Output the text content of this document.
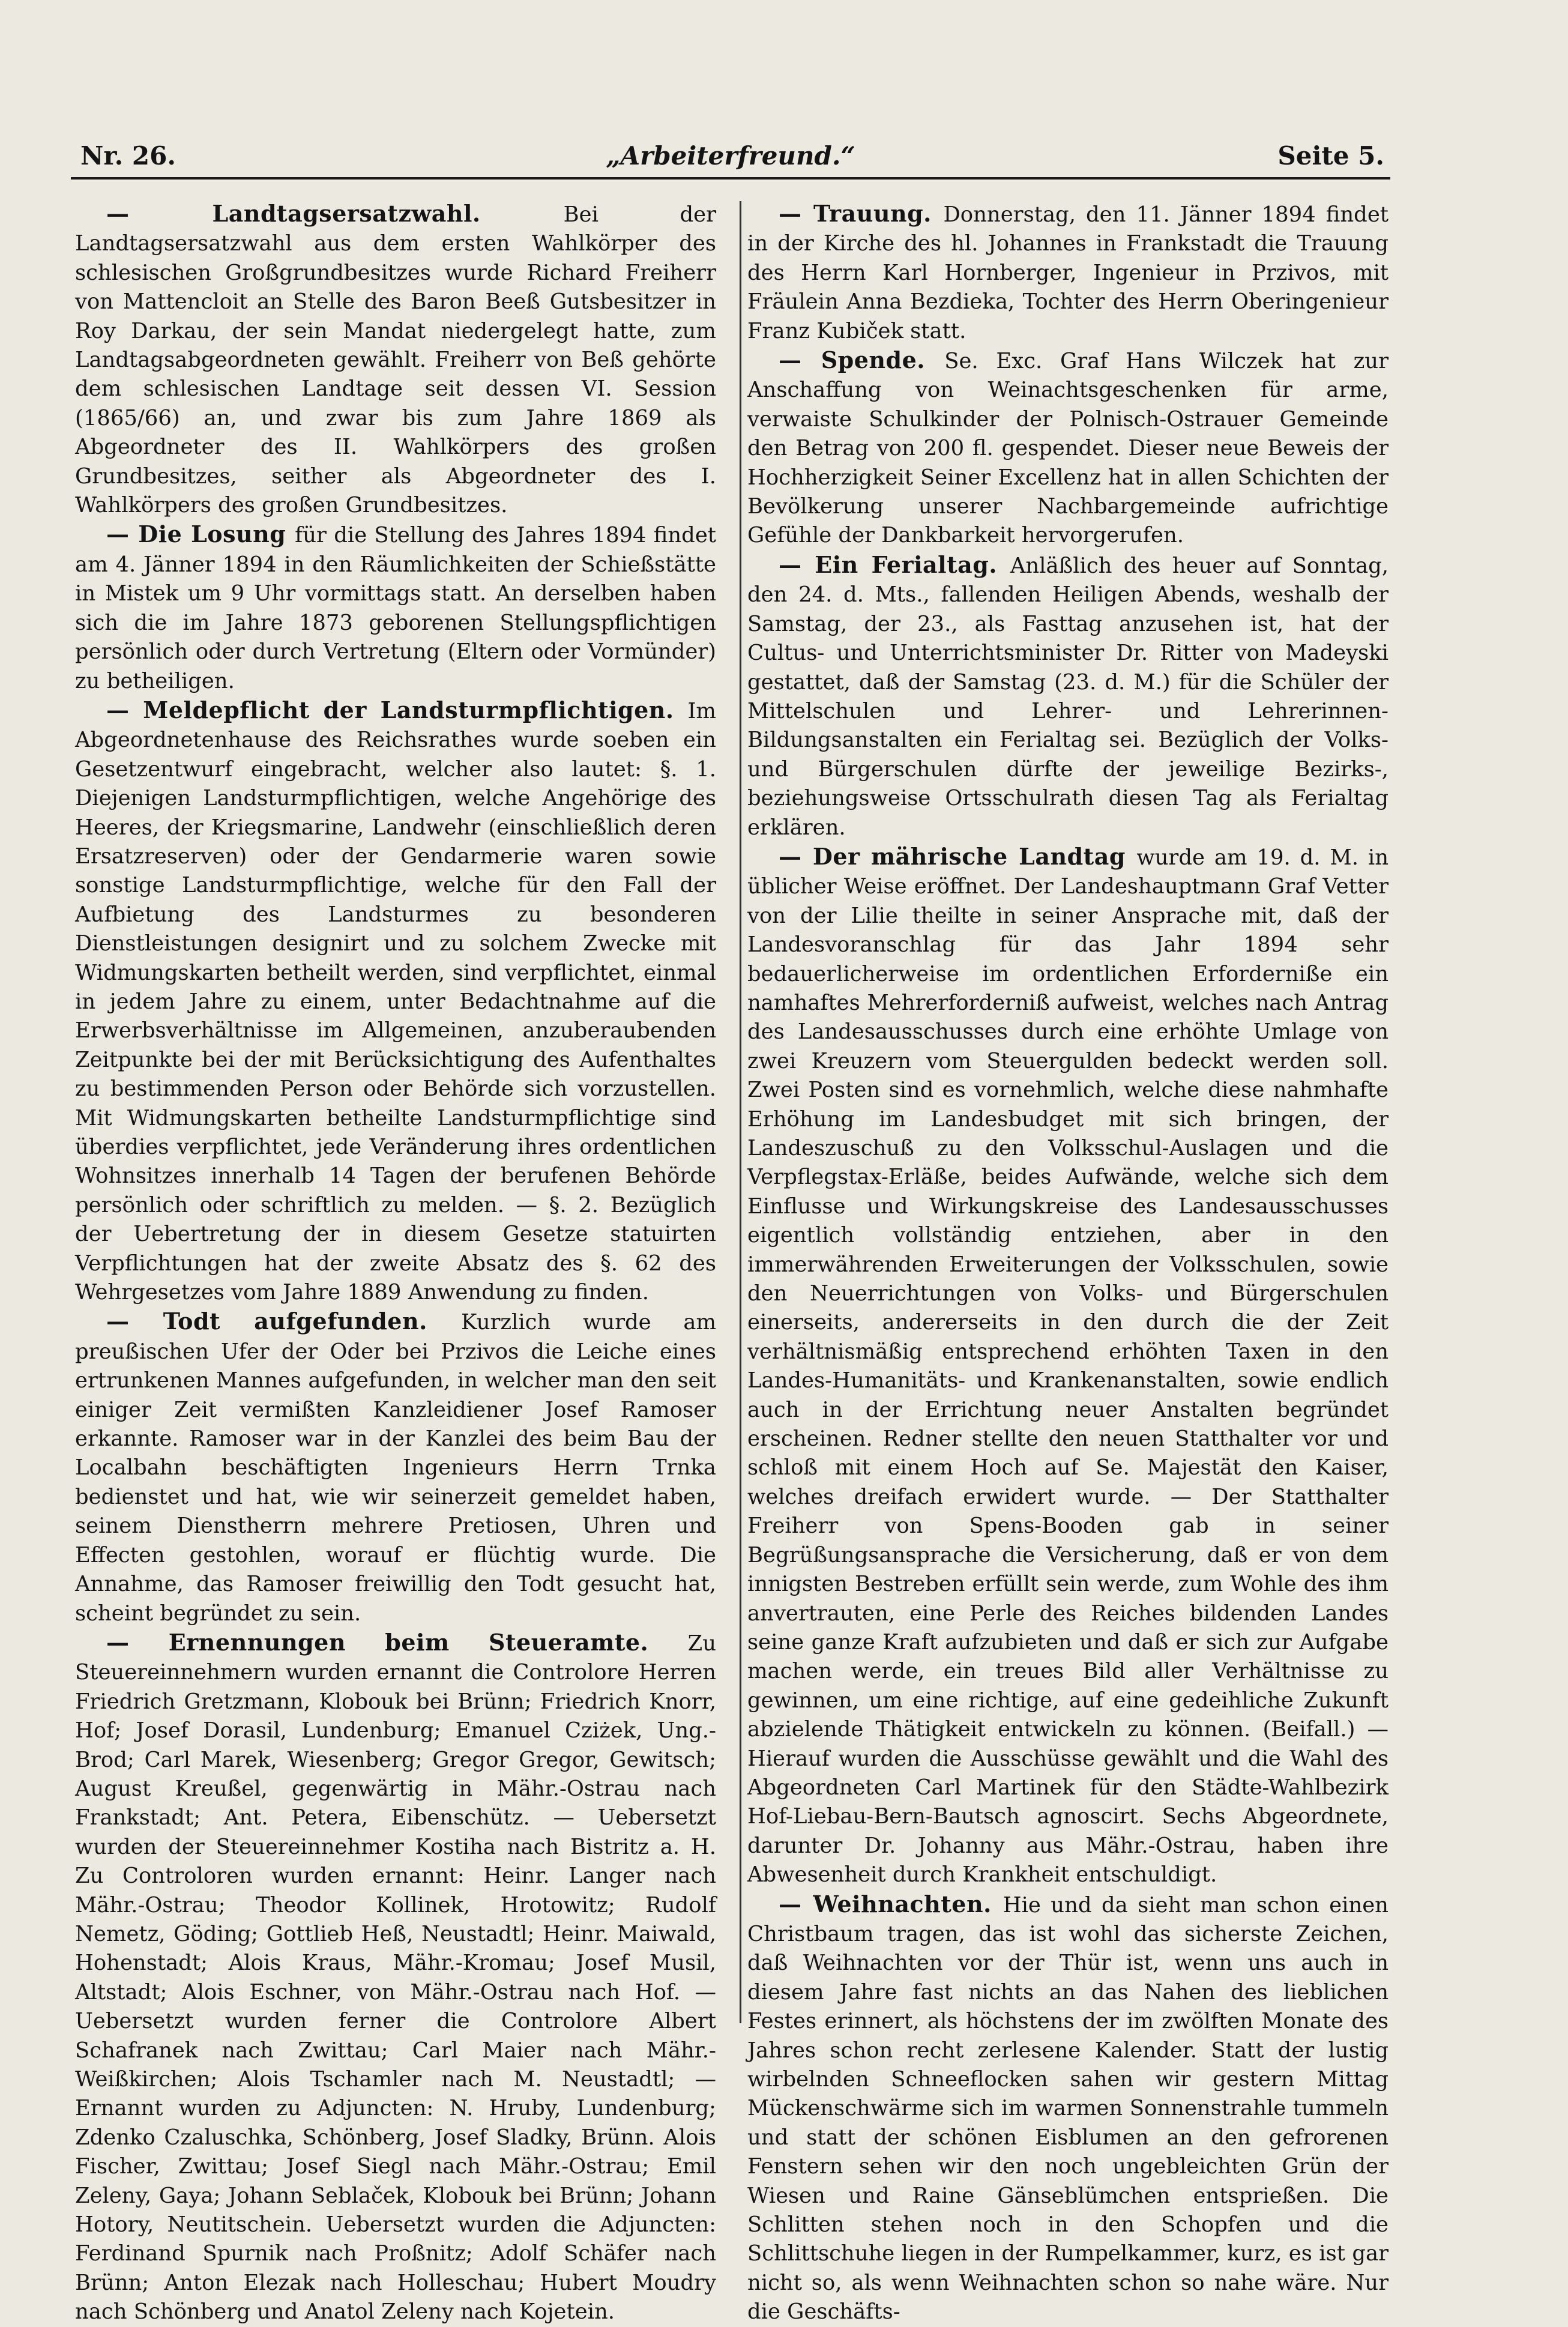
Nr. 26.	„Arbeiterfreund.“	Seite 5.

— Landtagsersatzwahl. Bei der Landtagsersatzwahl aus dem ersten Wahlkörper des schlesischen Großgrundbesitzes wurde Richard Freiherr von Mattencloit an Stelle des Baron Beeß Gutsbesitzer in Roy Darkau, der sein Mandat niedergelegt hatte, zum Landtagsabgeordneten gewählt. Freiherr von Beß gehörte dem schlesischen Landtage seit dessen VI. Session (1865/66) an, und zwar bis zum Jahre 1869 als Abgeordneter des II. Wahlkörpers des großen Grundbesitzes, seither als Abgeordneter des I. Wahlkörpers des großen Grundbesitzes.

— Die Losung für die Stellung des Jahres 1894 findet am 4. Jänner 1894 in den Räumlichkeiten der Schießstätte in Mistek um 9 Uhr vormittags statt. An derselben haben sich die im Jahre 1873 geborenen Stellungspflichtigen persönlich oder durch Vertretung (Eltern oder Vormünder) zu betheiligen.

— Meldepflicht der Landsturmpflichtigen. Im Abgeordnetenhause des Reichsrathes wurde soeben ein Gesetzentwurf eingebracht, welcher also lautet: §. 1. Diejenigen Landsturmpflichtigen, welche Angehörige des Heeres, der Kriegsmarine, Landwehr (einschließlich deren Ersatzreserven) oder der Gendarmerie waren sowie sonstige Landsturmpflichtige, welche für den Fall der Aufbietung des Landsturmes zu besonderen Dienstleistungen designirt und zu solchem Zwecke mit Widmungskarten betheilt werden, sind verpflichtet, einmal in jedem Jahre zu einem, unter Bedachtnahme auf die Erwerbsverhältnisse im Allgemeinen, anzuberaubenden Zeitpunkte bei der mit Berücksichtigung des Aufenthaltes zu bestimmenden Person oder Behörde sich vorzustellen. Mit Widmungskarten betheilte Landsturmpflichtige sind überdies verpflichtet, jede Veränderung ihres ordentlichen Wohnsitzes innerhalb 14 Tagen der berufenen Behörde persönlich oder schriftlich zu melden. — §. 2. Bezüglich der Uebertretung der in diesem Gesetze statuirten Verpflichtungen hat der zweite Absatz des §. 62 des Wehrgesetzes vom Jahre 1889 Anwendung zu finden.

— Todt aufgefunden. Kurzlich wurde am preußischen Ufer der Oder bei Przivos die Leiche eines ertrunkenen Mannes aufgefunden, in welcher man den seit einiger Zeit vermißten Kanzleidiener Josef Ramoser erkannte. Ramoser war in der Kanzlei des beim Bau der Localbahn beschäftigten Ingenieurs Herrn Trnka bedienstet und hat, wie wir seinerzeit gemeldet haben, seinem Dienstherrn mehrere Pretiosen, Uhren und Effecten gestohlen, worauf er flüchtig wurde. Die Annahme, das Ramoser freiwillig den Todt gesucht hat, scheint begründet zu sein.

— Ernennungen beim Steueramte. Zu Steuereinnehmern wurden ernannt die Controlore Herren Friedrich Gretzmann, Klobouk bei Brünn; Friedrich Knorr, Hof; Josef Dorasil, Lundenburg; Emanuel Cziżek, Ung.-Brod; Carl Marek, Wiesenberg; Gregor Gregor, Gewitsch; August Kreußel, gegenwärtig in Mähr.-Ostrau nach Frankstadt; Ant. Petera, Eibenschütz. — Uebersetzt wurden der Steuereinnehmer Kostiha nach Bistritz a. H. Zu Controloren wurden ernannt: Heinr. Langer nach Mähr.-Ostrau; Theodor Kollinek, Hrotowitz; Rudolf Nemetz, Göding; Gottlieb Heß, Neustadtl; Heinr. Maiwald, Hohenstadt; Alois Kraus, Mähr.-Kromau; Josef Musil, Altstadt; Alois Eschner, von Mähr.-Ostrau nach Hof. — Uebersetzt wurden ferner die Controlore Albert Schafranek nach Zwittau; Carl Maier nach Mähr.-Weißkirchen; Alois Tschamler nach M. Neustadtl; — Ernannt wurden zu Adjuncten: N. Hruby, Lundenburg; Zdenko Czaluschka, Schönberg, Josef Sladky, Brünn. Alois Fischer, Zwittau; Josef Siegl nach Mähr.-Ostrau; Emil Zeleny, Gaya; Johann Seblaček, Klobouk bei Brünn; Johann Hotory, Neutitschein. Uebersetzt wurden die Adjuncten: Ferdinand Spurnik nach Proßnitz; Adolf Schäfer nach Brünn; Anton Elezak nach Holleschau; Hubert Moudry nach Schönberg und Anatol Zeleny nach Kojetein.

— Trauung. Donnerstag, den 11. Jänner 1894 findet in der Kirche des hl. Johannes in Frankstadt die Trauung des Herrn Karl Hornberger, Ingenieur in Przivos, mit Fräulein Anna Bezdieka, Tochter des Herrn Oberingenieur Franz Kubiček statt.

— Spende. Se. Exc. Graf Hans Wilczek hat zur Anschaffung von Weinachtsgeschenken für arme, verwaiste Schulkinder der Polnisch-Ostrauer Gemeinde den Betrag von 200 fl. gespendet. Dieser neue Beweis der Hochherzigkeit Seiner Excellenz hat in allen Schichten der Bevölkerung unserer Nachbargemeinde aufrichtige Gefühle der Dankbarkeit hervorgerufen.

— Ein Ferialtag. Anläßlich des heuer auf Sonntag, den 24. d. Mts., fallenden Heiligen Abends, weshalb der Samstag, der 23., als Fasttag anzusehen ist, hat der Cultus- und Unterrichtsminister Dr. Ritter von Madeyski gestattet, daß der Samstag (23. d. M.) für die Schüler der Mittelschulen und Lehrer- und Lehrerinnen-Bildungsanstalten ein Ferialtag sei. Bezüglich der Volks- und Bürgerschulen dürfte der jeweilige Bezirks-, beziehungsweise Ortsschulrath diesen Tag als Ferialtag erklären.

— Der mährische Landtag wurde am 19. d. M. in üblicher Weise eröffnet. Der Landeshauptmann Graf Vetter von der Lilie theilte in seiner Ansprache mit, daß der Landesvoranschlag für das Jahr 1894 sehr bedauerlicherweise im ordentlichen Erforderniße ein namhaftes Mehrerforderniß aufweist, welches nach Antrag des Landesausschusses durch eine erhöhte Umlage von zwei Kreuzern vom Steuergulden bedeckt werden soll. Zwei Posten sind es vornehmlich, welche diese nahmhafte Erhöhung im Landesbudget mit sich bringen, der Landeszuschuß zu den Volksschul-Auslagen und die Verpflegstax-Erläße, beides Aufwände, welche sich dem Einflusse und Wirkungskreise des Landesausschusses eigentlich vollständig entziehen, aber in den immerwährenden Erweiterungen der Volksschulen, sowie den Neuerrichtungen von Volks- und Bürgerschulen einerseits, andererseits in den durch die der Zeit verhältnismäßig entsprechend erhöhten Taxen in den Landes-Humanitäts- und Krankenanstalten, sowie endlich auch in der Errichtung neuer Anstalten begründet erscheinen. Redner stellte den neuen Statthalter vor und schloß mit einem Hoch auf Se. Majestät den Kaiser, welches dreifach erwidert wurde. — Der Statthalter Freiherr von Spens-Booden gab in seiner Begrüßungsansprache die Versicherung, daß er von dem innigsten Bestreben erfüllt sein werde, zum Wohle des ihm anvertrauten, eine Perle des Reiches bildenden Landes seine ganze Kraft aufzubieten und daß er sich zur Aufgabe machen werde, ein treues Bild aller Verhältnisse zu gewinnen, um eine richtige, auf eine gedeihliche Zukunft abzielende Thätigkeit entwickeln zu können. (Beifall.) — Hierauf wurden die Ausschüsse gewählt und die Wahl des Abgeordneten Carl Martinek für den Städte-Wahlbezirk Hof-Liebau-Bern-Bautsch agnoscirt. Sechs Abgeordnete, darunter Dr. Johanny aus Mähr.-Ostrau, haben ihre Abwesenheit durch Krankheit entschuldigt.

— Weihnachten. Hie und da sieht man schon einen Christbaum tragen, das ist wohl das sicherste Zeichen, daß Weihnachten vor der Thür ist, wenn uns auch in diesem Jahre fast nichts an das Nahen des lieblichen Festes erinnert, als höchstens der im zwölften Monate des Jahres schon recht zerlesene Kalender. Statt der lustig wirbelnden Schneeflocken sahen wir gestern Mittag Mückenschwärme sich im warmen Sonnenstrahle tummeln und statt der schönen Eisblumen an den gefrorenen Fenstern sehen wir den noch ungebleichten Grün der Wiesen und Raine Gänseblümchen entsprießen. Die Schlitten stehen noch in den Schopfen und die Schlittschuhe liegen in der Rumpelkammer, kurz, es ist gar nicht so, als wenn Weihnachten schon so nahe wäre. Nur die Geschäfts-
